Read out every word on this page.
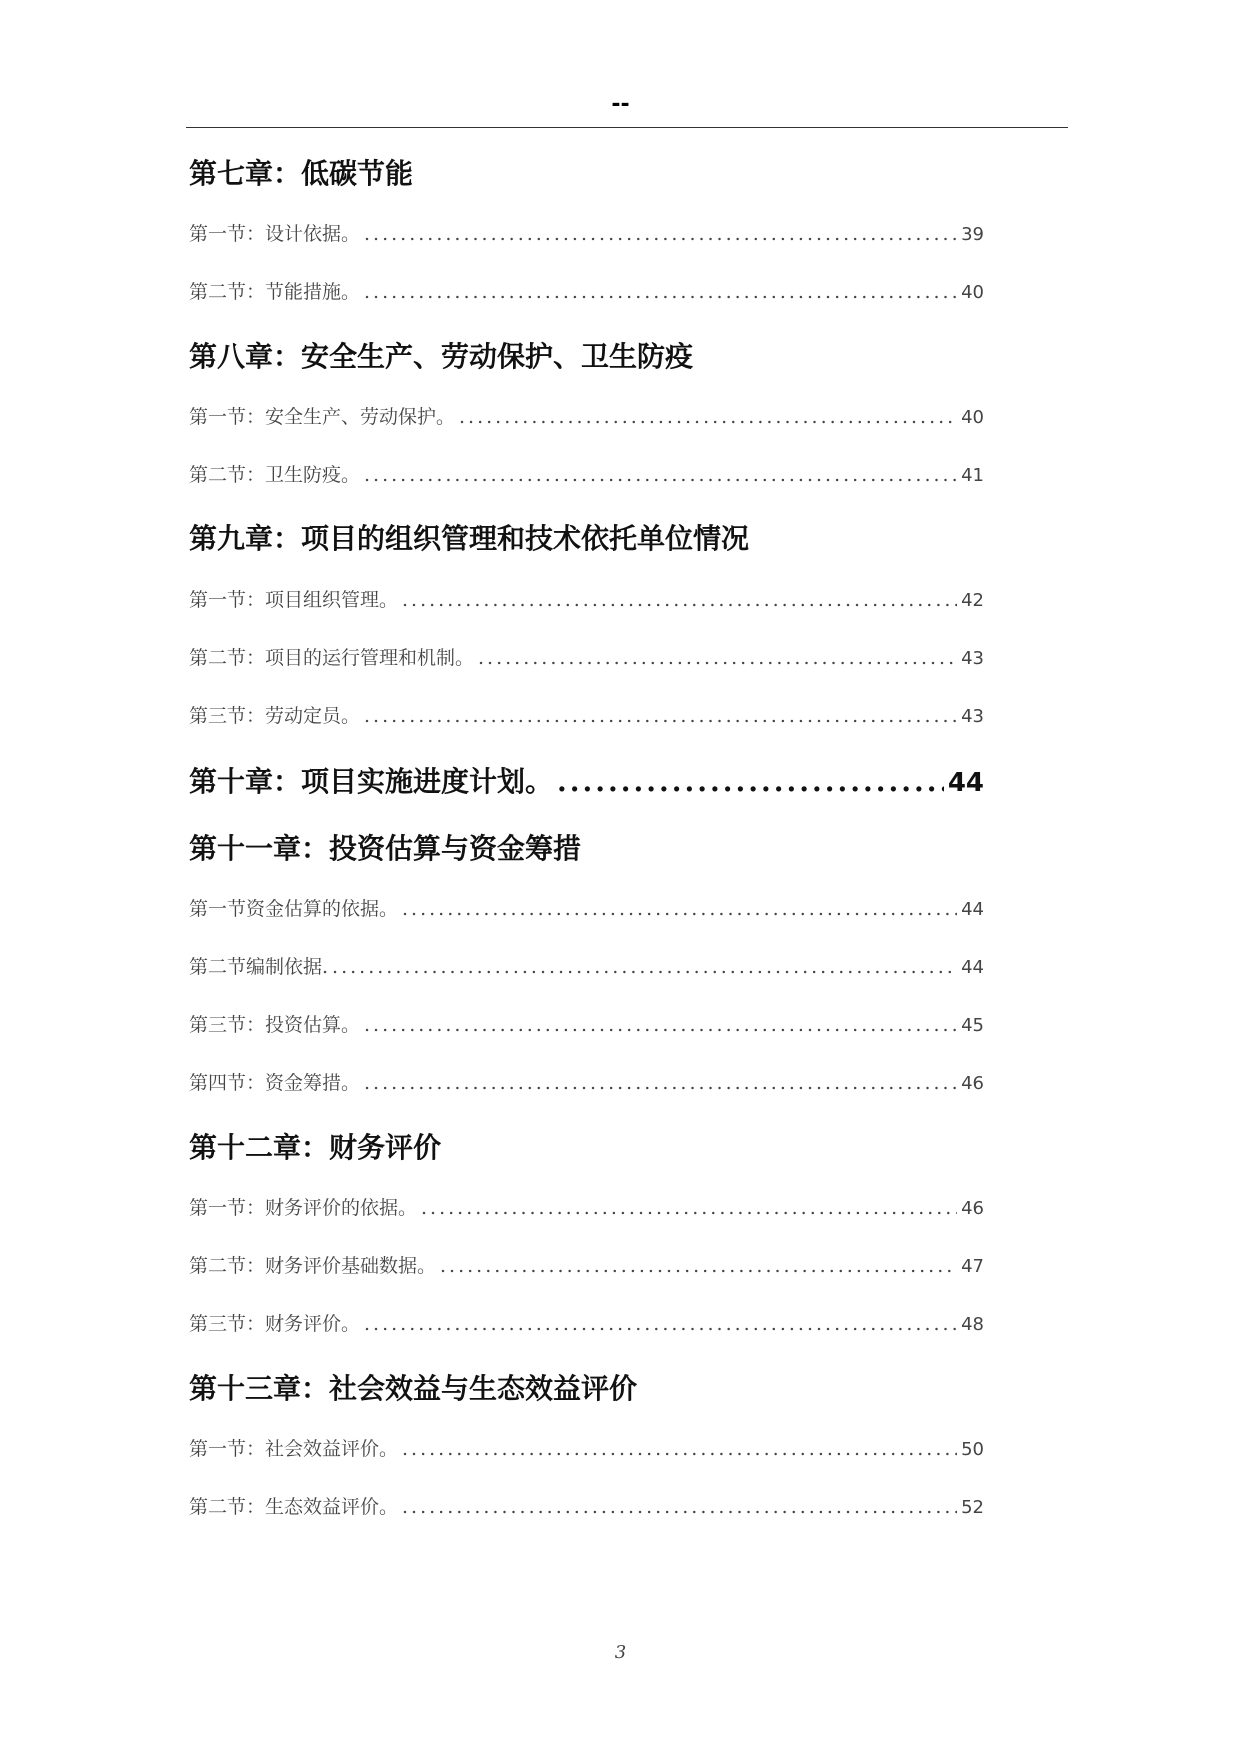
--
第七章：低碳节能
第一节：设计依据。 .....	39
第二节：节能措施。 .....	40
第八章：安全生产、劳动保护、卫生防疫
第一节：安全生产、劳动保护。 .....	40
第二节：卫生防疫。 .....	41
第九章：项目的组织管理和技术依托单位情况
第一节：项目组织管理。 .....	42
第二节：项目的运行管理和机制。 .....	43
第三节：劳动定员。 .....	43
第十章：项目实施进度计划。 .....	44
第十一章：投资估算与资金筹措
第一节资金估算的依据。 .....	44
第二节编制依据. .....	44
第三节：投资估算。 .....	45
第四节：资金筹措。 .....	46
第十二章：财务评价
第一节：财务评价的依据。 .....	46
第二节：财务评价基础数据。 .....	47
第三节：财务评价。 .....	48
第十三章：社会效益与生态效益评价
第一节：社会效益评价。 .....	50
第二节：生态效益评价。 .....	52
3
